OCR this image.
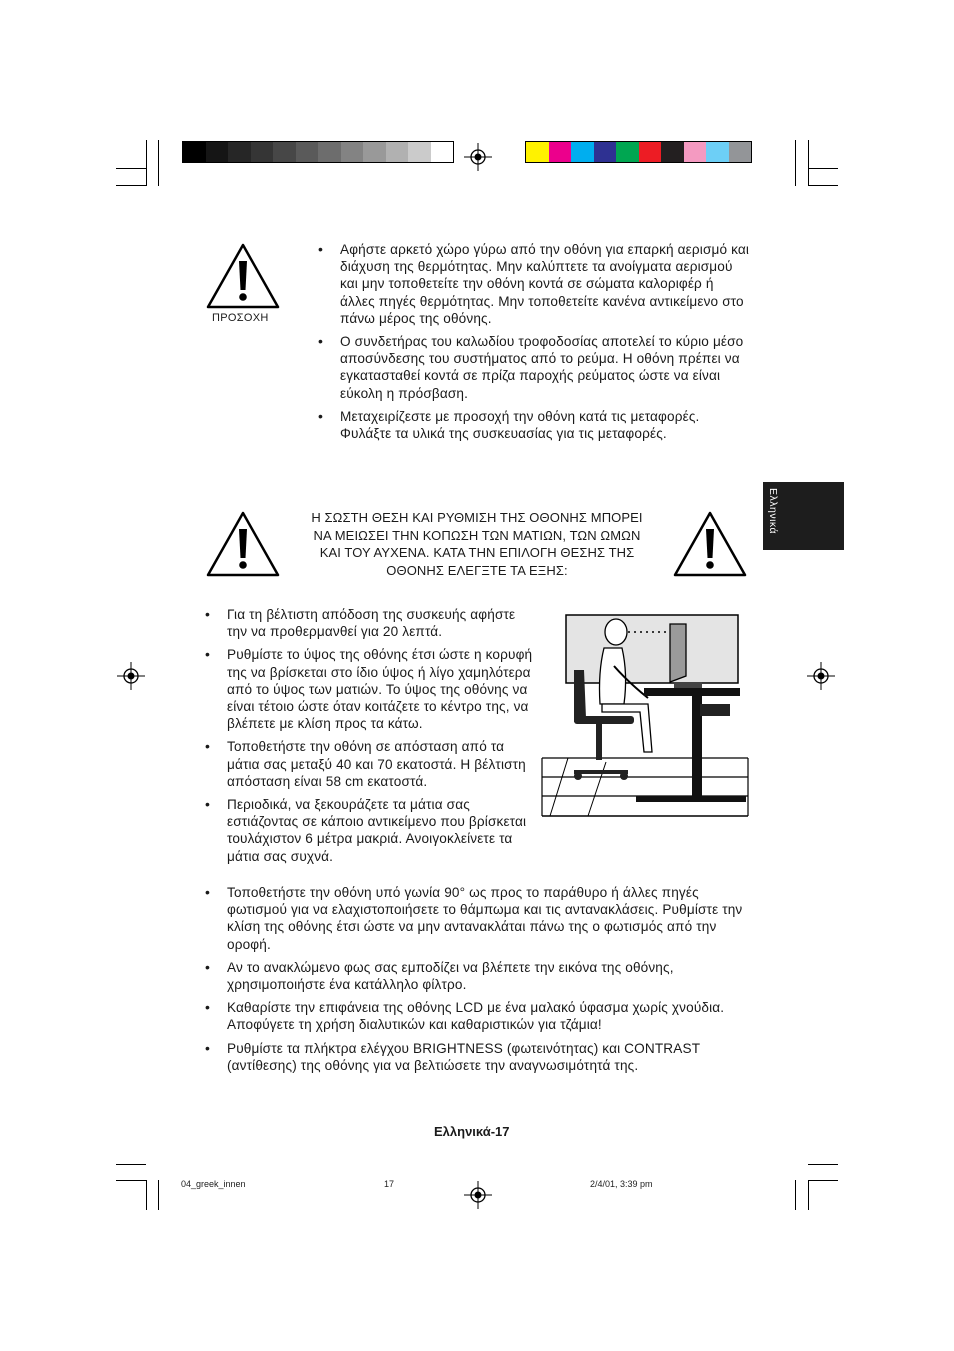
ΠΡΟΣΟΧΗ
• Αφήστε αρκετό χώρο γύρω από την οθόνη για επαρκή αερισμό και διάχυση της θερμότητας. Μην καλύπτετε τα ανοίγματα αερισμού και μην τοποθετείτε την οθόνη κοντά σε σώματα καλοριφέρ ή άλλες πηγές θερμότητας. Μην τοποθετείτε κανένα αντικείμενο στο πάνω μέρος της οθόνης.
• Ο συνδετήρας του καλωδίου τροφοδοσίας αποτελεί το κύριο μέσο αποσύνδεσης του συστήματος από το ρεύμα. Η οθόνη πρέπει να εγκατασταθεί κοντά σε πρίζα παροχής ρεύματος ώστε να είναι εύκολη η πρόσβαση.
• Μεταχειρίζεστε με προσοχή την οθόνη κατά τις μεταφορές. Φυλάξτε τα υλικά της συσκευασίας για τις μεταφορές.
Ελληνικά
Η ΣΩΣΤΗ ΘΕΣΗ ΚΑΙ ΡΥΘΜΙΣΗ ΤΗΣ ΟΘΟΝΗΣ ΜΠΟΡΕΙ
ΝΑ ΜΕΙΩΣΕΙ ΤΗΝ ΚΟΠΩΣΗ ΤΩΝ ΜΑΤΙΩΝ, ΤΩΝ ΩΜΩΝ
ΚΑΙ ΤΟΥ ΑΥΧΕΝΑ. ΚΑΤΑ ΤΗΝ ΕΠΙΛΟΓΗ ΘΕΣΗΣ ΤΗΣ
ΟΘΟΝΗΣ ΕΛΕΓΞΤΕ ΤΑ ΕΞΗΣ:
• Για τη βέλτιστη απόδοση της συσκευής αφήστε την να προθερμανθεί για 20 λεπτά.
• Ρυθμίστε το ύψος της οθόνης έτσι ώστε η κορυφή της να βρίσκεται στο ίδιο ύψος ή λίγο χαμηλότερα από το ύψος των ματιών. Το ύψος της οθόνης να είναι τέτοιο ώστε όταν κοιτάζετε το κέντρο της, να βλέπετε με κλίση προς τα κάτω.
• Τοποθετήστε την οθόνη σε απόσταση από τα μάτια σας μεταξύ 40 και 70 εκατοστά. Η βέλτιστη απόσταση είναι 58 cm εκατοστά.
• Περιοδικά, να ξεκουράζετε τα μάτια σας εστιάζοντας σε κάποιο αντικείμενο που βρίσκεται τουλάχιστον 6 μέτρα μακριά. Ανοιγοκλείνετε τα μάτια σας συχνά.
• Τοποθετήστε την οθόνη υπό γωνία 90° ως προς το παράθυρο ή άλλες πηγές φωτισμού για να ελαχιστοποιήσετε το θάμπωμα και τις αντανακλάσεις. Ρυθμίστε την κλίση της οθόνης έτσι ώστε να μην αντανακλάται πάνω της ο φωτισμός από την οροφή.
• Αν το ανακλώμενο φως σας εμποδίζει να βλέπετε την εικόνα της οθόνης, χρησιμοποιήστε ένα κατάλληλο φίλτρο.
• Καθαρίστε την επιφάνεια της οθόνης LCD με ένα μαλακό ύφασμα χωρίς χνούδια. Αποφύγετε τη χρήση διαλυτικών και καθαριστικών για τζάμια!
• Ρυθμίστε τα πλήκτρα ελέγχου BRIGHTNESS (φωτεινότητας) και CONTRAST (αντίθεσης) της οθόνης για να βελτιώσετε την αναγνωσιμότητά της.
Ελληνικά-17
04_greek_innen	17	2/4/01, 3:39 pm
